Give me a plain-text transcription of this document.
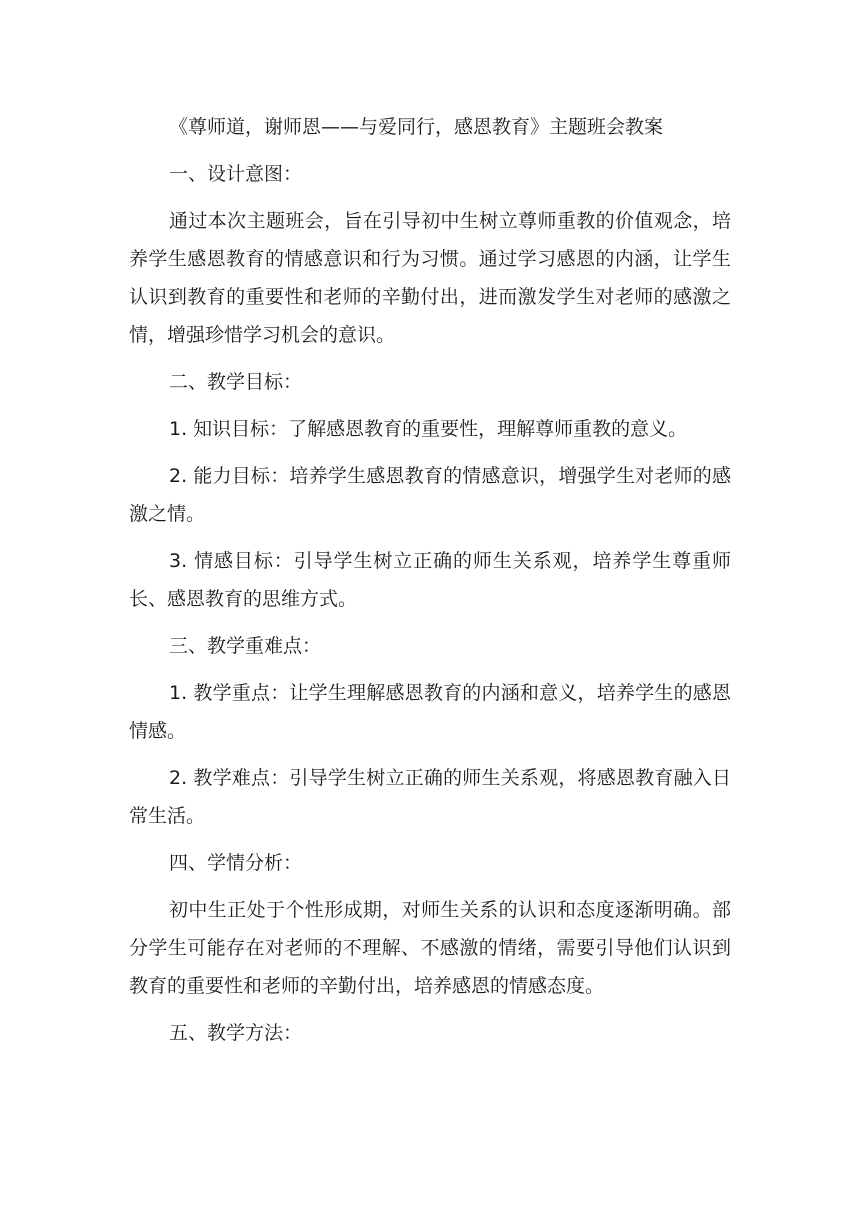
《尊师道，谢师恩——与爱同行，感恩教育》主题班会教案

一、设计意图：

通过本次主题班会，旨在引导初中生树立尊师重教的价值观念，培养学生感恩教育的情感意识和行为习惯。通过学习感恩的内涵，让学生认识到教育的重要性和老师的辛勤付出，进而激发学生对老师的感激之情，增强珍惜学习机会的意识。

二、教学目标：

1. 知识目标：了解感恩教育的重要性，理解尊师重教的意义。

2. 能力目标：培养学生感恩教育的情感意识，增强学生对老师的感激之情。

3. 情感目标：引导学生树立正确的师生关系观，培养学生尊重师长、感恩教育的思维方式。

三、教学重难点：

1. 教学重点：让学生理解感恩教育的内涵和意义，培养学生的感恩情感。

2. 教学难点：引导学生树立正确的师生关系观，将感恩教育融入日常生活。

四、学情分析：

初中生正处于个性形成期，对师生关系的认识和态度逐渐明确。部分学生可能存在对老师的不理解、不感激的情绪，需要引导他们认识到教育的重要性和老师的辛勤付出，培养感恩的情感态度。

五、教学方法：
